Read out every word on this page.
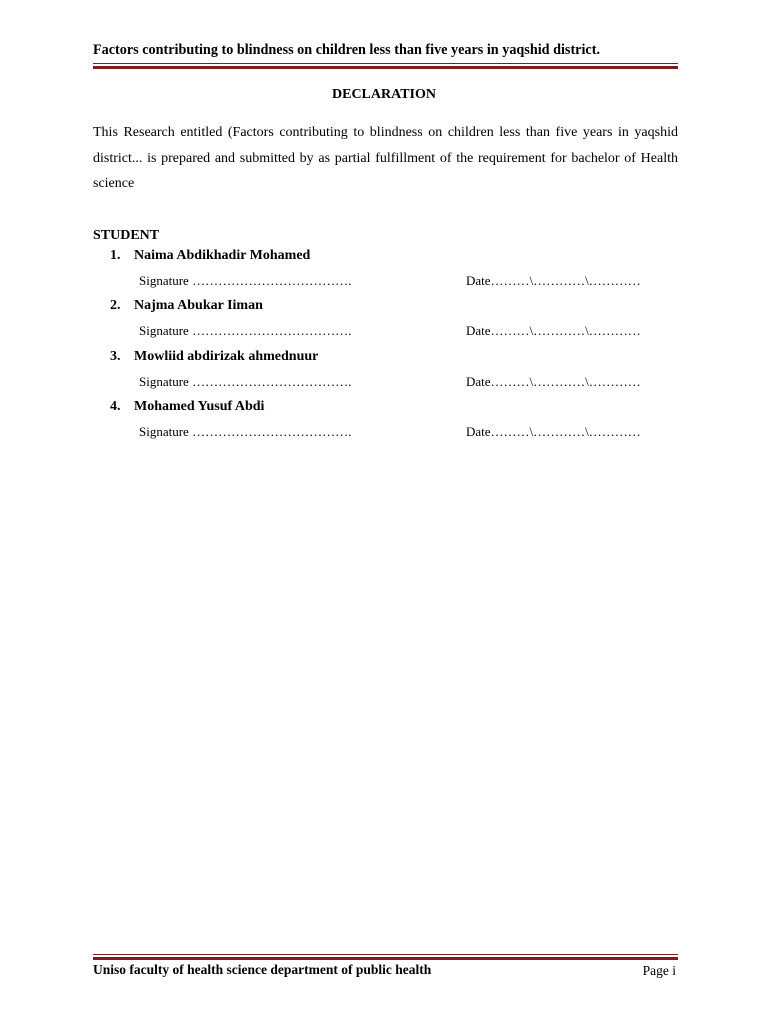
Factors contributing to blindness on children less than five years in yaqshid district.
DECLARATION
This Research entitled (Factors contributing to blindness on children less than five years in yaqshid district... is prepared and submitted by as partial fulfillment of the requirement for bachelor of Health science
STUDENT
1. Naima Abdikhadir Mohamed
Signature ……………………………….	Date………\…………\…………
2. Najma Abukar Iiman
Signature ……………………………….	Date………\…………\…………
3. Mowliid abdirizak ahmednuur
Signature ……………………………….	Date………\…………\…………
4. Mohamed Yusuf Abdi
Signature ……………………………….	Date………\…………\…………
Uniso faculty of health science department of public health	Page i
